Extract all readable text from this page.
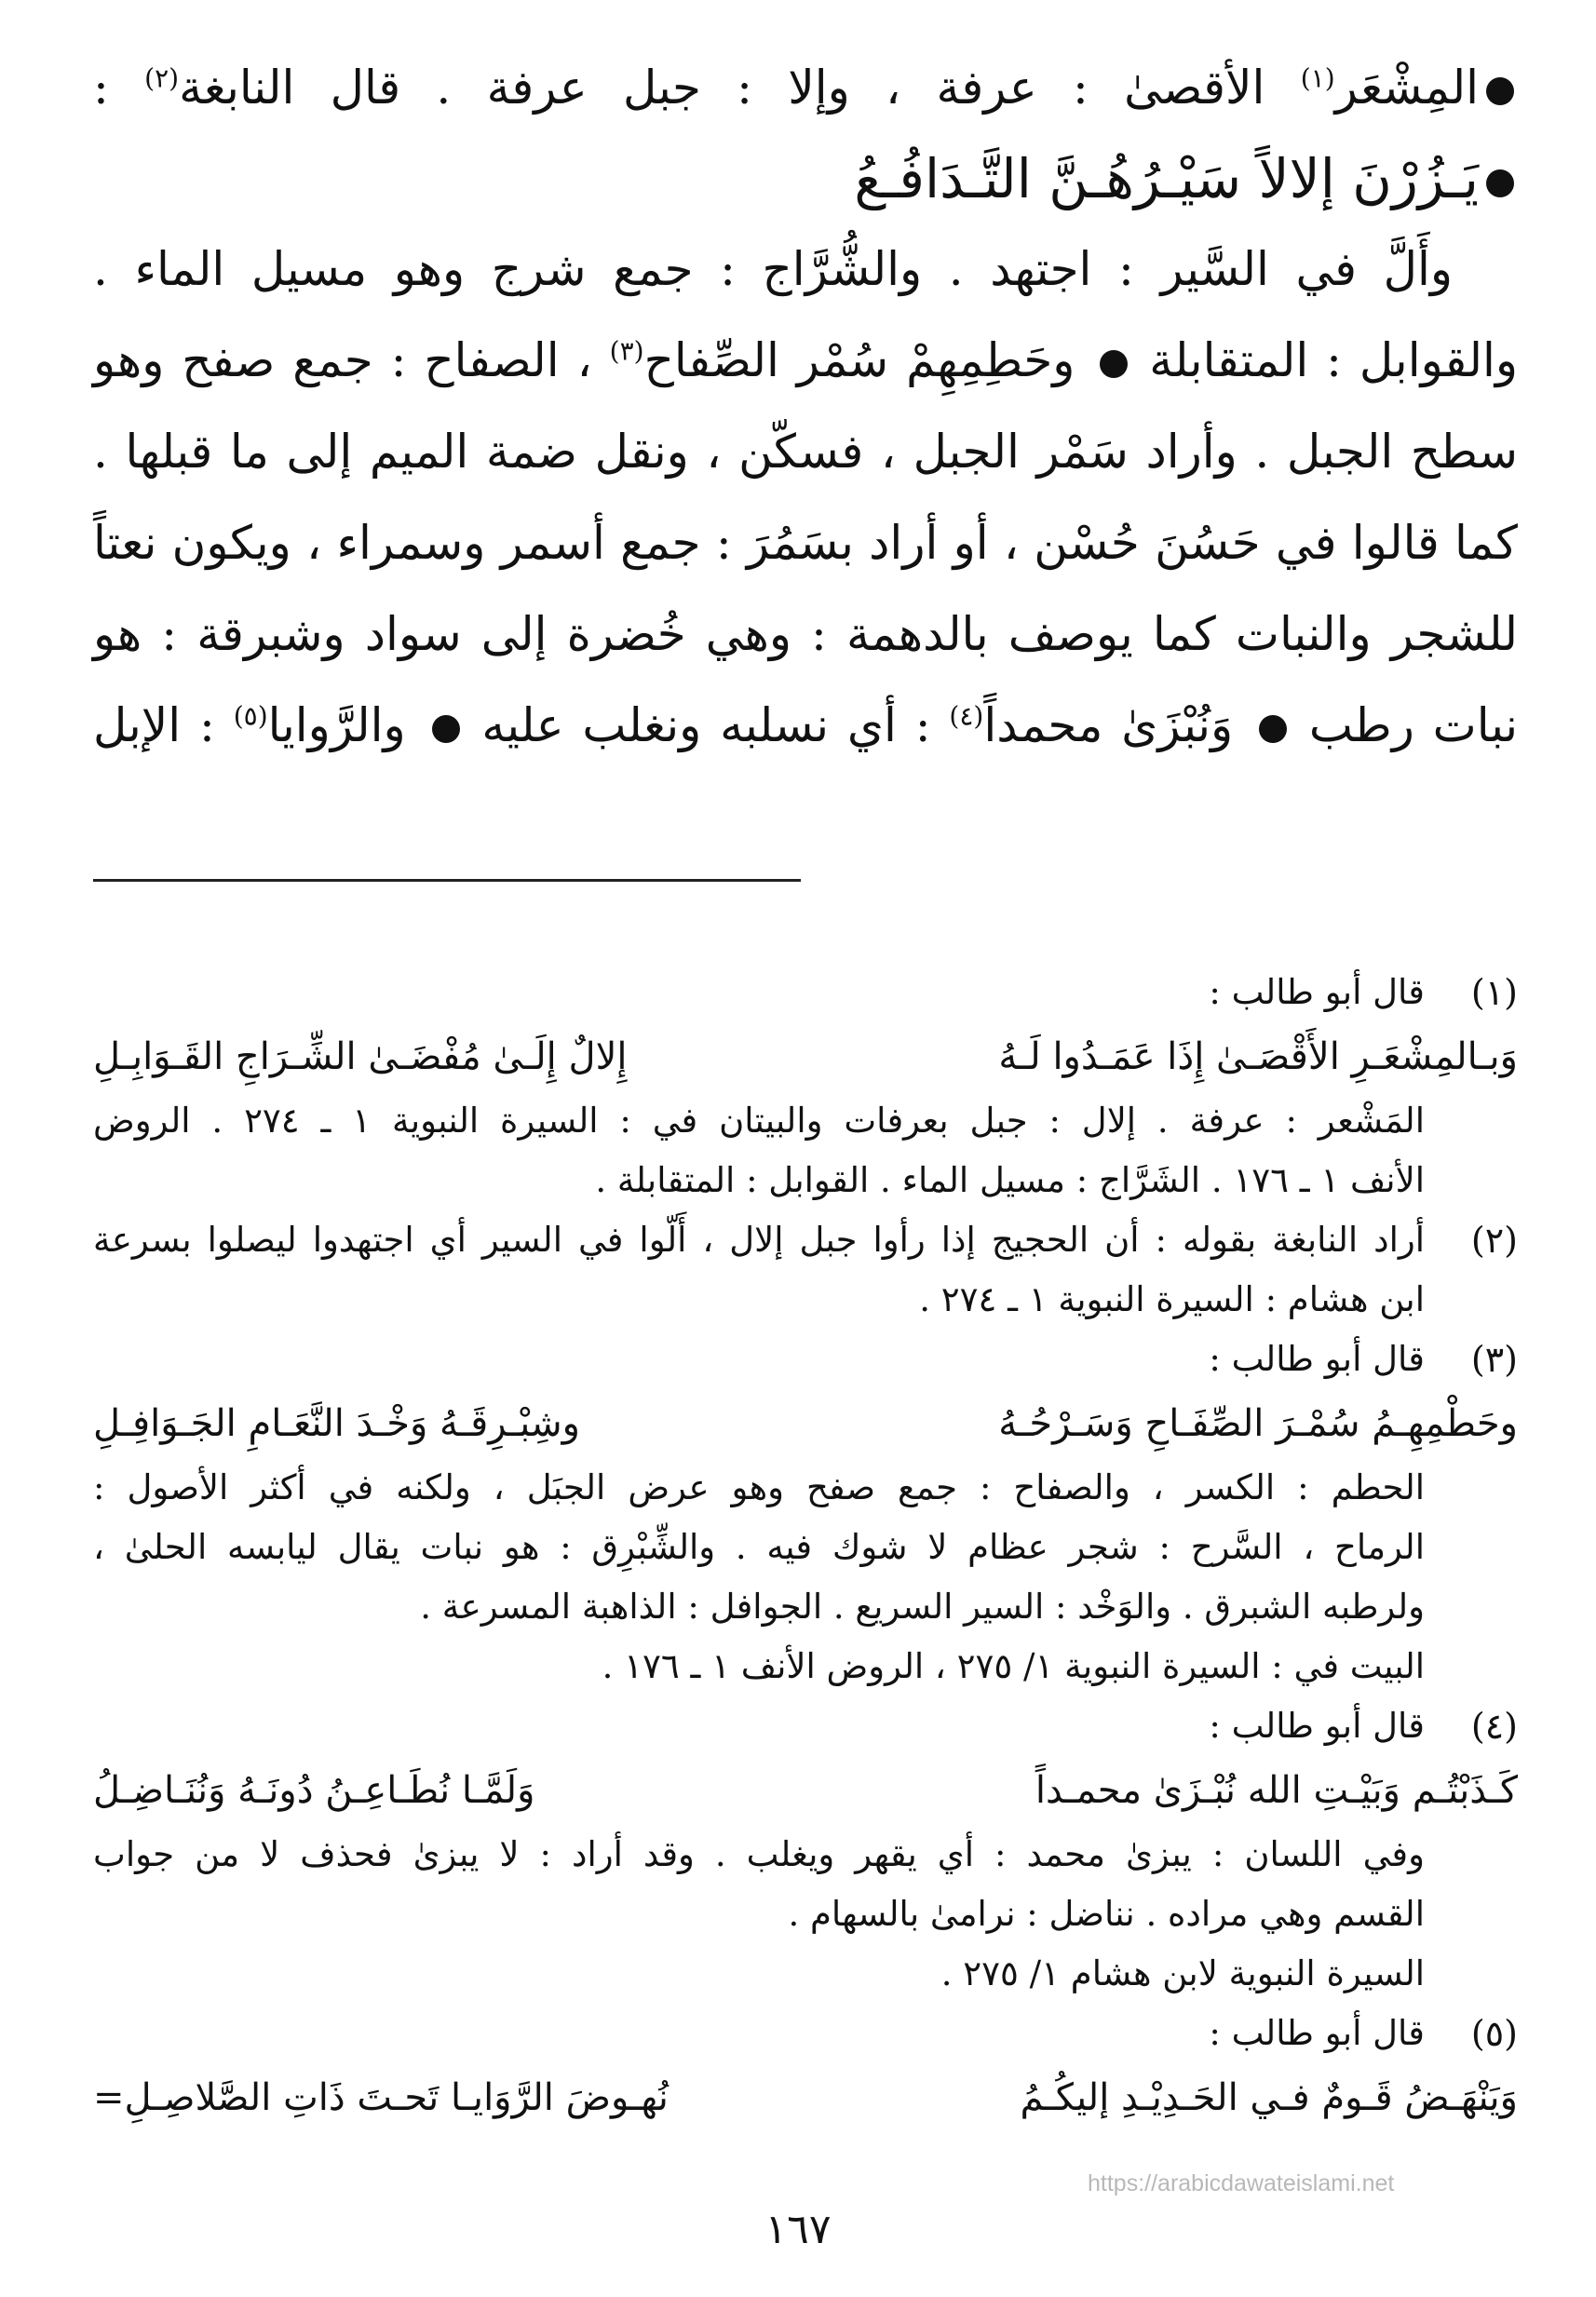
المِشْعَر$^{(١)}$ الأقصىٰ : عرفة ، وإلا : جبل عرفة . قال النابغة$^{(٢)}$ :

يَـزُرْنَ إلالاً سَيْـرُهُـنَّ التَّـدَافُـعُ

وأَلَّ في السَّير : اجتهد . والشُّرَّاج : جمع شرج وهو مسيل الماء .

والقوابل : المتقابلة  وحَطِمِهِمْ سُمْر الصِّفاح$^{(٣)}$ ، الصفاح : جمع صفح وهو

سطح الجبل . وأراد سَمْر الجبل ، فسكّن ، ونقل ضمة الميم إلى ما قبلها .

كما قالوا في حَسُنَ حُسْن ، أو أراد بسَمُرَ : جمع أسمر وسمراء ، ويكون نعتاً

للشجر والنبات كما يوصف بالدهمة : وهي خُضرة إلى سواد وشبرقة : هو

نبات رطب  وَنُبْزَىٰ محمداً$^{(٤)}$ : أي نسلبه ونغلب عليه  والرَّوايا$^{(٥)}$ : الإبل

(١)

قال أبو طالب :

وَبـالمِشْعَـرِ الأَقْصَـىٰ إِذَا عَمَـدُوا لَـهُ
إِلالٌ إِلَـىٰ مُفْضَـىٰ الشِّـرَاجِ القَـوَابِـلِ

المَشْعر : عرفة . إلال : جبل بعرفات والبيتان في : السيرة النبوية ١ ـ ٢٧٤ . الروض

الأنف ١ ـ ١٧٦ . الشَرَّاج : مسيل الماء . القوابل : المتقابلة .

(٢)

أراد النابغة بقوله : أن الحجيج إذا رأوا جبل إلال ، أَلّوا في السير أي اجتهدوا ليصلوا بسرعة

ابن هشام : السيرة النبوية ١ ـ ٢٧٤ .

(٣)

قال أبو طالب :

وحَطْمِهِـمُ سُمْـرَ الصِّفَـاحِ وَسَـرْحُـهُ
وشِبْـرِقَـهُ وَخْـدَ النَّعَـامِ الجَـوَافِـلِ

الحطم : الكسر ، والصفاح : جمع صفح وهو عرض الجبَل ، ولكنه في أكثر الأصول :

الرماح ، السَّرح : شجر عظام لا شوك فيه . والشِّبْرِق : هو نبات يقال ليابسه الحلىٰ ،

ولرطبه الشبرق . والوَخْد : السير السريع . الجوافل : الذاهبة المسرعة .

البيت في : السيرة النبوية ١/ ٢٧٥ ، الروض الأنف ١ ـ ١٧٦ .

(٤)

قال أبو طالب :

كَـذَبْتُـم وَبَيْـتِ الله نُبْـزَىٰ محمـداً
وَلَمَّـا نُطَـاعِـنُ دُونَـهُ وَنُنَـاضِـلُ

وفي اللسان : يبزىٰ محمد : أي يقهر ويغلب . وقد أراد : لا يبزىٰ فحذف لا من جواب

القسم وهي مراده . نناضل : نرامىٰ بالسهام .

السيرة النبوية لابن هشام ١/ ٢٧٥ .

(٥)

قال أبو طالب :

وَيَنْهَـضُ قَـومٌ فـي الحَـدِيْـدِ إليكُـمُ
نُهـوضَ الرَّوَايـا تَحـتَ ذَاتِ الصَّلاصِـلِ=
https://arabicdawateislami.net
١٦٧
